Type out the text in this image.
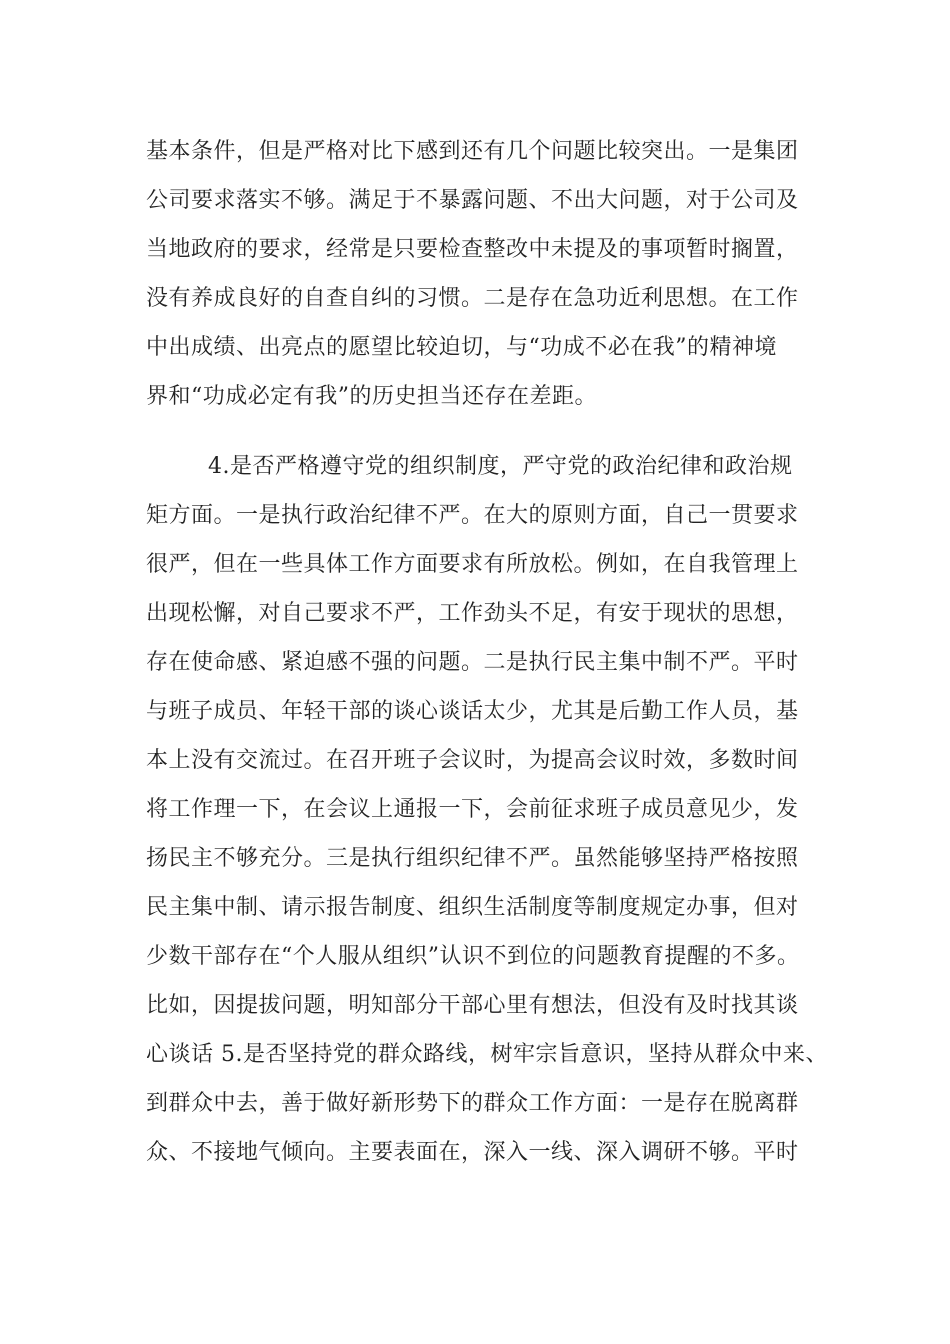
基本条件，但是严格对比下感到还有几个问题比较突出。一是集团
公司要求落实不够。满足于不暴露问题、不出大问题，对于公司及
当地政府的要求，经常是只要检查整改中未提及的事项暂时搁置，
没有养成良好的自查自纠的习惯。二是存在急功近利思想。在工作
中出成绩、出亮点的愿望比较迫切，与“功成不必在我”的精神境
界和“功成必定有我”的历史担当还存在差距。
4.是否严格遵守党的组织制度，严守党的政治纪律和政治规
矩方面。一是执行政治纪律不严。在大的原则方面，自己一贯要求
很严，但在一些具体工作方面要求有所放松。例如，在自我管理上
出现松懈，对自己要求不严，工作劲头不足，有安于现状的思想，
存在使命感、紧迫感不强的问题。二是执行民主集中制不严。平时
与班子成员、年轻干部的谈心谈话太少，尤其是后勤工作人员，基
本上没有交流过。在召开班子会议时，为提高会议时效，多数时间
将工作理一下，在会议上通报一下，会前征求班子成员意见少，发
扬民主不够充分。三是执行组织纪律不严。虽然能够坚持严格按照
民主集中制、请示报告制度、组织生活制度等制度规定办事，但对
少数干部存在“个人服从组织”认识不到位的问题教育提醒的不多。
比如，因提拔问题，明知部分干部心里有想法，但没有及时找其谈
心谈话 5.是否坚持党的群众路线，树牢宗旨意识，坚持从群众中来、
到群众中去，善于做好新形势下的群众工作方面：一是存在脱离群
众、不接地气倾向。主要表面在，深入一线、深入调研不够。平时
